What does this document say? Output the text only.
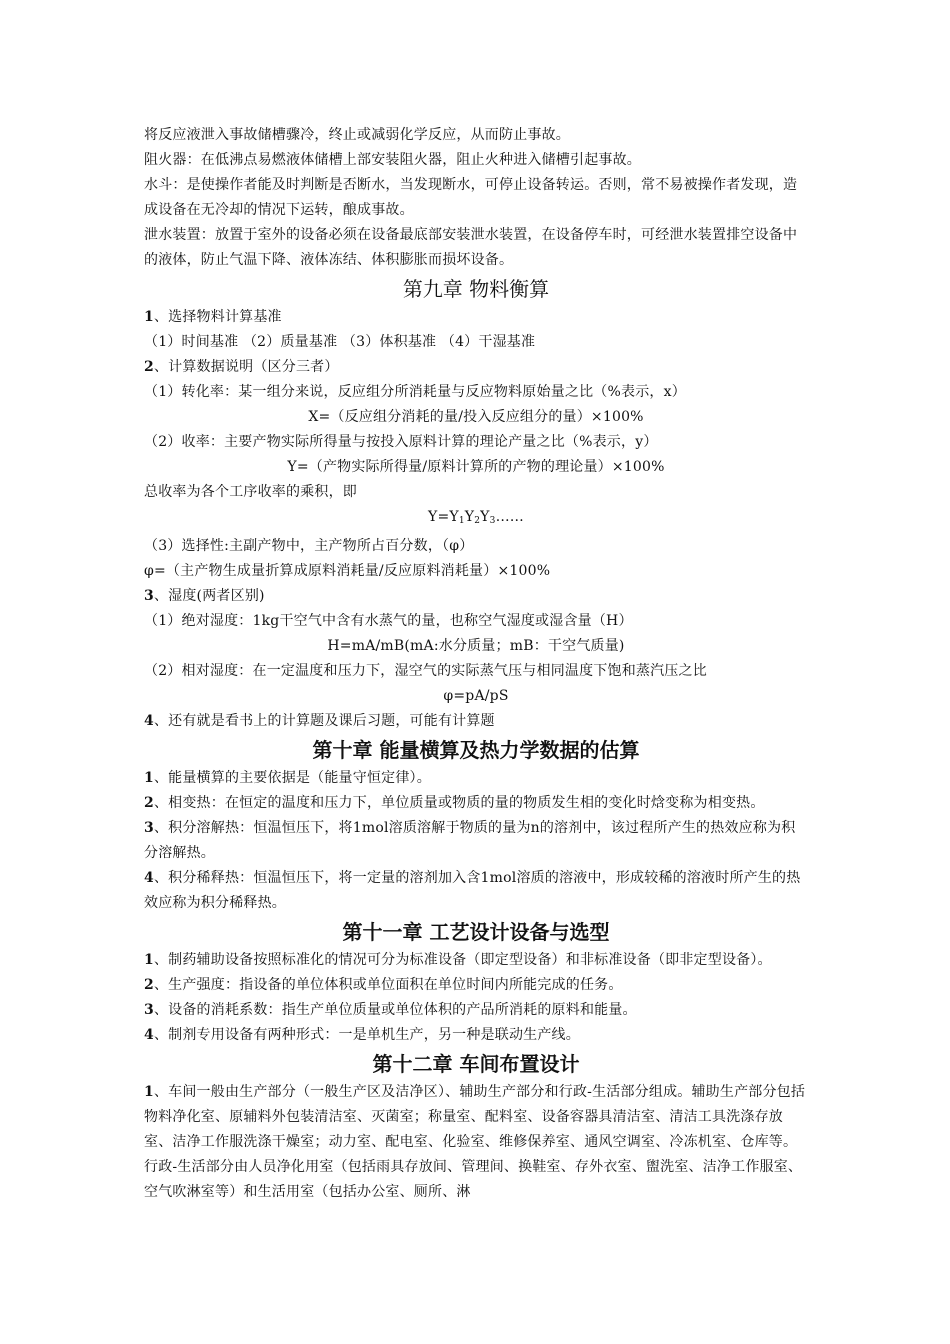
将反应液泄入事故储槽骤冷，终止或减弱化学反应，从而防止事故。

阻火器：在低沸点易燃液体储槽上部安装阻火器，阻止火种进入储槽引起事故。

水斗：是使操作者能及时判断是否断水，当发现断水，可停止设备转运。否则，常不易被操作者发现，造成设备在无冷却的情况下运转，酿成事故。

泄水装置：放置于室外的设备必须在设备最底部安装泄水装置，在设备停车时，可经泄水装置排空设备中的液体，防止气温下降、液体冻结、体积膨胀而损坏设备。

第九章 物料衡算

1、选择物料计算基准

（1）时间基准 （2）质量基准 （3）体积基准 （4）干湿基准

2、计算数据说明（区分三者）

（1）转化率：某一组分来说，反应组分所消耗量与反应物料原始量之比（%表示，x）

X=（反应组分消耗的量/投入反应组分的量）×100%

（2）收率：主要产物实际所得量与按投入原料计算的理论产量之比（%表示，y）

Y=（产物实际所得量/原料计算所的产物的理论量）×100%

总收率为各个工序收率的乘积，即

$Y=Y_1Y_2Y_3\dots\dots$

（3）选择性:主副产物中，主产物所占百分数，（φ）

φ=（主产物生成量折算成原料消耗量/反应原料消耗量）×100%

3、湿度(两者区别)

（1）绝对湿度：1kg干空气中含有水蒸气的量，也称空气湿度或湿含量（H）

H=mA/mB(mA:水分质量；mB：干空气质量)

（2）相对湿度：在一定温度和压力下，湿空气的实际蒸气压与相同温度下饱和蒸汽压之比

φ=pA/pS

4、还有就是看书上的计算题及课后习题，可能有计算题

第十章 能量横算及热力学数据的估算

1、能量横算的主要依据是（能量守恒定律）。

2、相变热：在恒定的温度和压力下，单位质量或物质的量的物质发生相的变化时焓变称为相变热。

3、积分溶解热：恒温恒压下，将1mol溶质溶解于物质的量为n的溶剂中，该过程所产生的热效应称为积分溶解热。

4、积分稀释热：恒温恒压下，将一定量的溶剂加入含1mol溶质的溶液中，形成较稀的溶液时所产生的热效应称为积分稀释热。

第十一章 工艺设计设备与选型

1、制药辅助设备按照标准化的情况可分为标准设备（即定型设备）和非标准设备（即非定型设备）。

2、生产强度：指设备的单位体积或单位面积在单位时间内所能完成的任务。

3、设备的消耗系数：指生产单位质量或单位体积的产品所消耗的原料和能量。

4、制剂专用设备有两种形式：一是单机生产，另一种是联动生产线。

第十二章 车间布置设计

1、车间一般由生产部分（一般生产区及洁净区）、辅助生产部分和行政-生活部分组成。辅助生产部分包括物料净化室、原辅料外包装清洁室、灭菌室；称量室、配料室、设备容器具清洁室、清洁工具洗涤存放室、洁净工作服洗涤干燥室；动力室、配电室、化验室、维修保养室、通风空调室、冷冻机室、仓库等。行政-生活部分由人员净化用室（包括雨具存放间、管理间、换鞋室、存外衣室、盥洗室、洁净工作服室、空气吹淋室等）和生活用室（包括办公室、厕所、淋
